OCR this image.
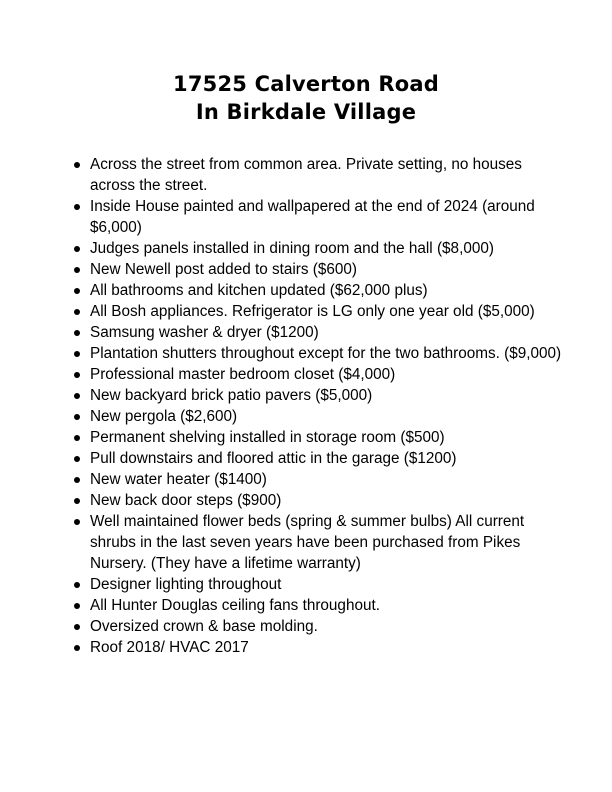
17525 Calverton Road
In Birkdale Village
Across the street from common area. Private setting, no houses across the street.
Inside House painted and wallpapered at the end of 2024 (around $6,000)
Judges panels installed in dining room and the hall ($8,000)
New Newell post added to stairs ($600)
All bathrooms and kitchen updated ($62,000 plus)
All Bosh appliances. Refrigerator is LG only one year old ($5,000)
Samsung washer & dryer ($1200)
Plantation shutters throughout except for the two bathrooms. ($9,000)
Professional master bedroom closet ($4,000)
New backyard brick patio pavers ($5,000)
New pergola ($2,600)
Permanent shelving installed in storage room ($500)
Pull downstairs and floored attic in the garage ($1200)
New water heater ($1400)
New back door steps ($900)
Well maintained flower beds (spring & summer bulbs) All current shrubs in the last seven years have been purchased from Pikes Nursery. (They have a lifetime warranty)
Designer lighting throughout
All Hunter Douglas ceiling fans throughout.
Oversized crown & base molding.
Roof 2018/ HVAC 2017
